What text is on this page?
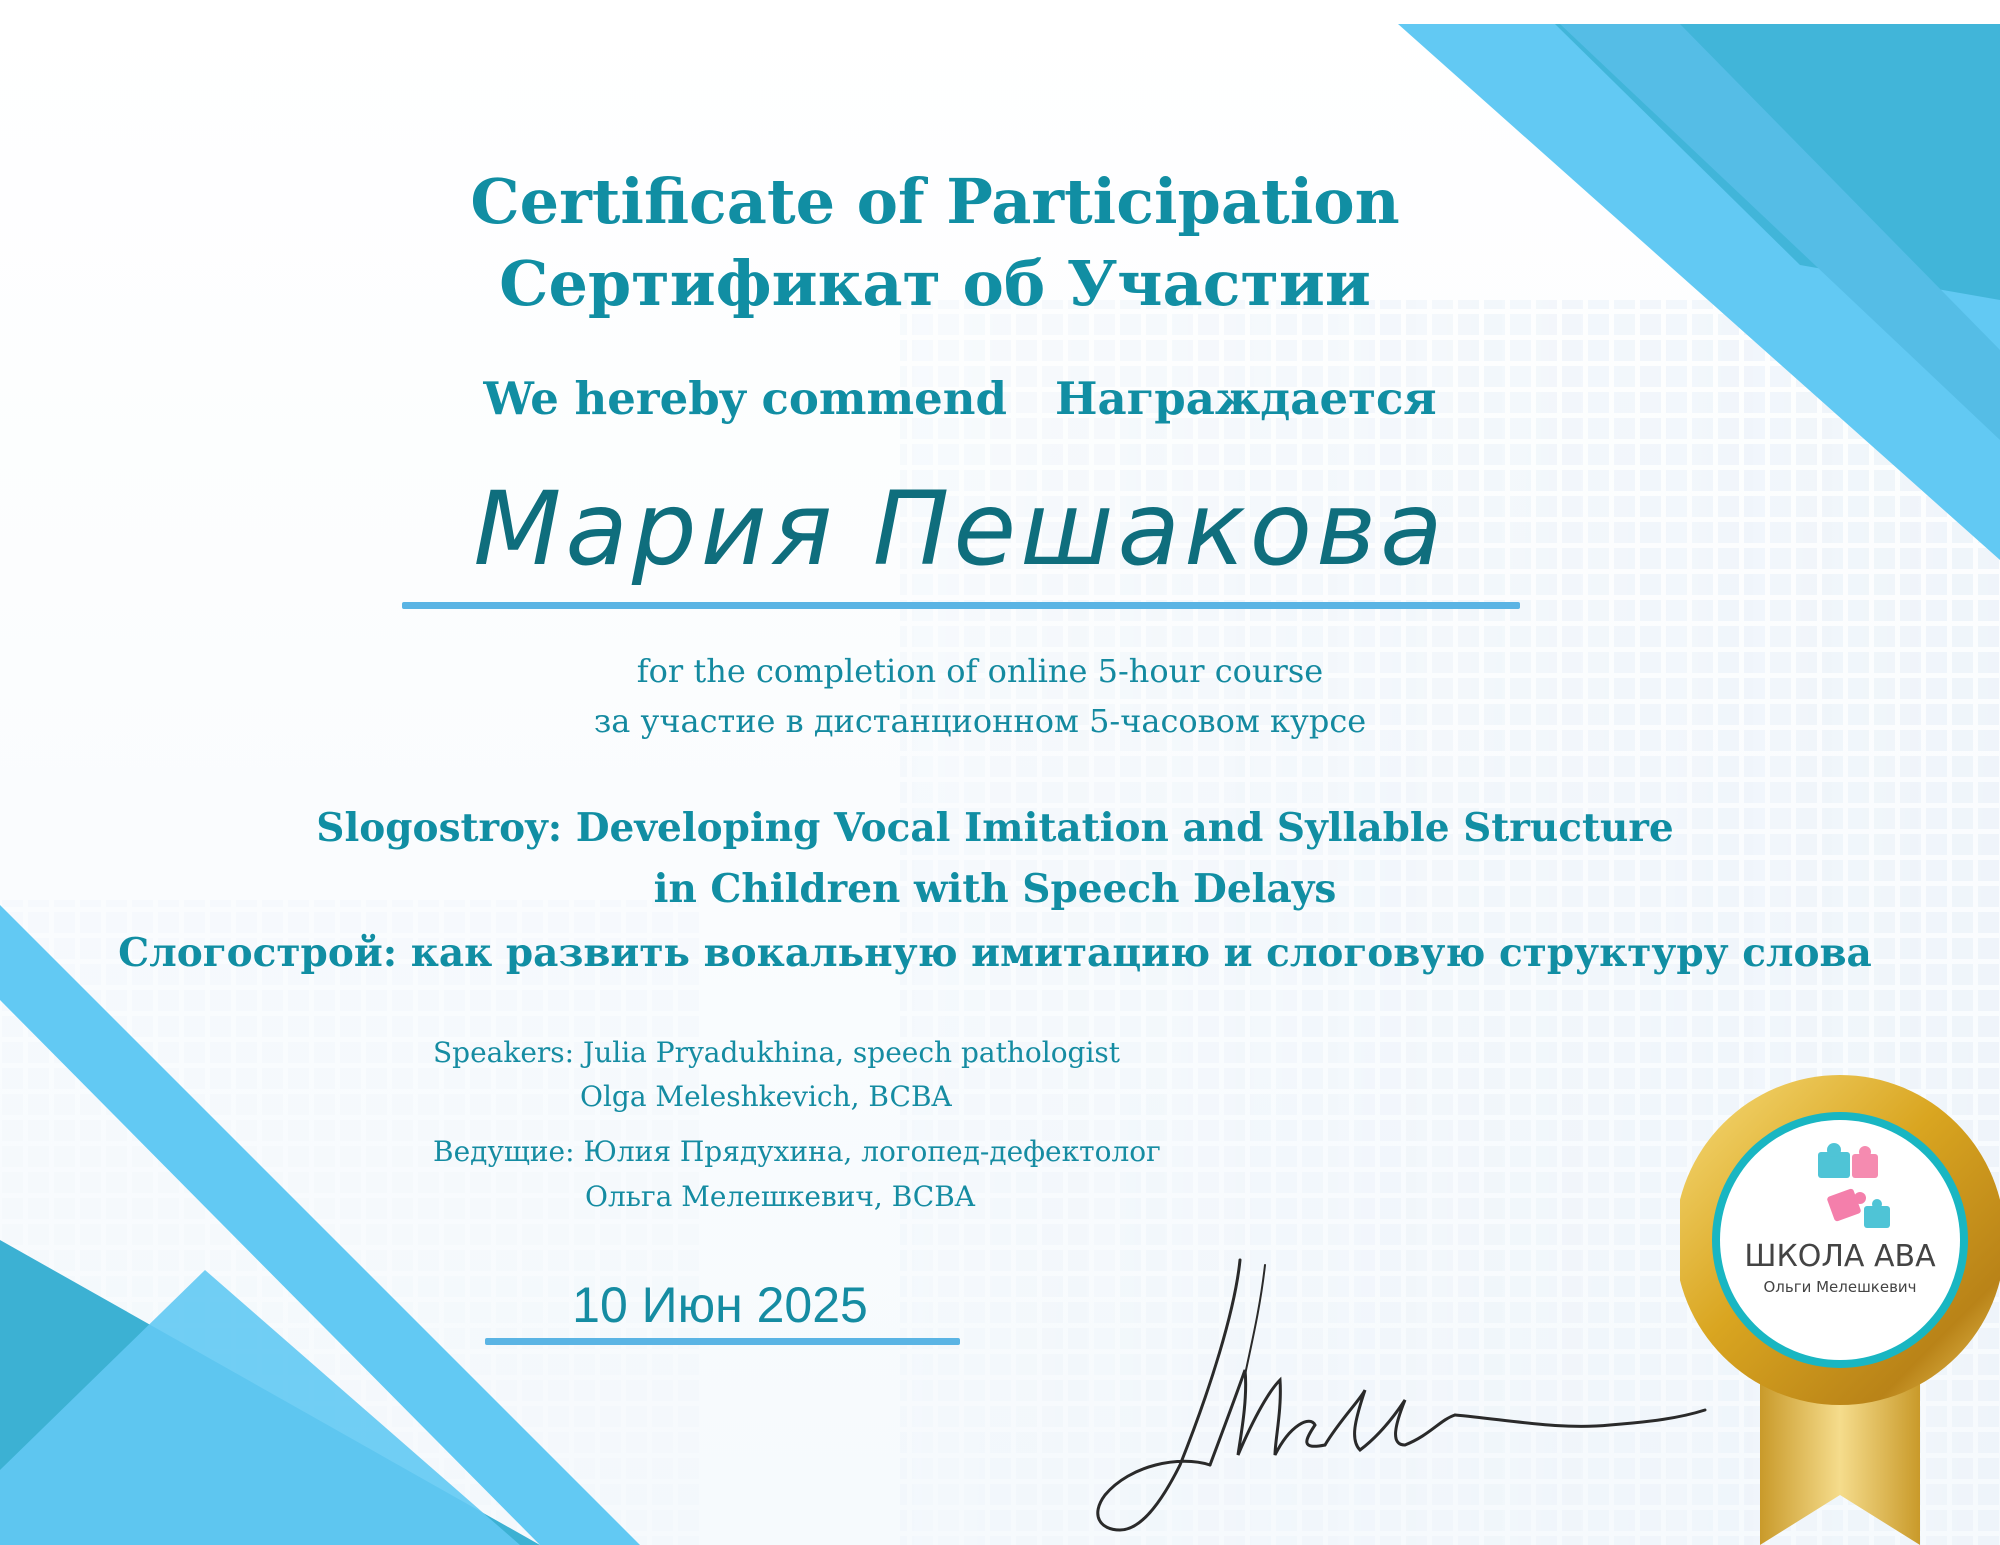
Certificate of Participation
Сертификат об Участии
We hereby commend Награждается
Мария Пешакова
for the completion of online 5-hour course
за участие в дистанционном 5-часовом курсе
Slogostroy: Developing Vocal Imitation and Syllable Structure
in Children with Speech Delays
Слогострой: как развить вокальную имитацию и слоговую структуру слова
Speakers: Julia Pryadukhina, speech pathologist
Olga Meleshkevich, BCBA
Ведущие: Юлия Прядухина, логопед-дефектолог
Ольга Мелешкевич, BCBA
10 Июн 2025
ШКОЛА АВА
Ольги Мелешкевич
